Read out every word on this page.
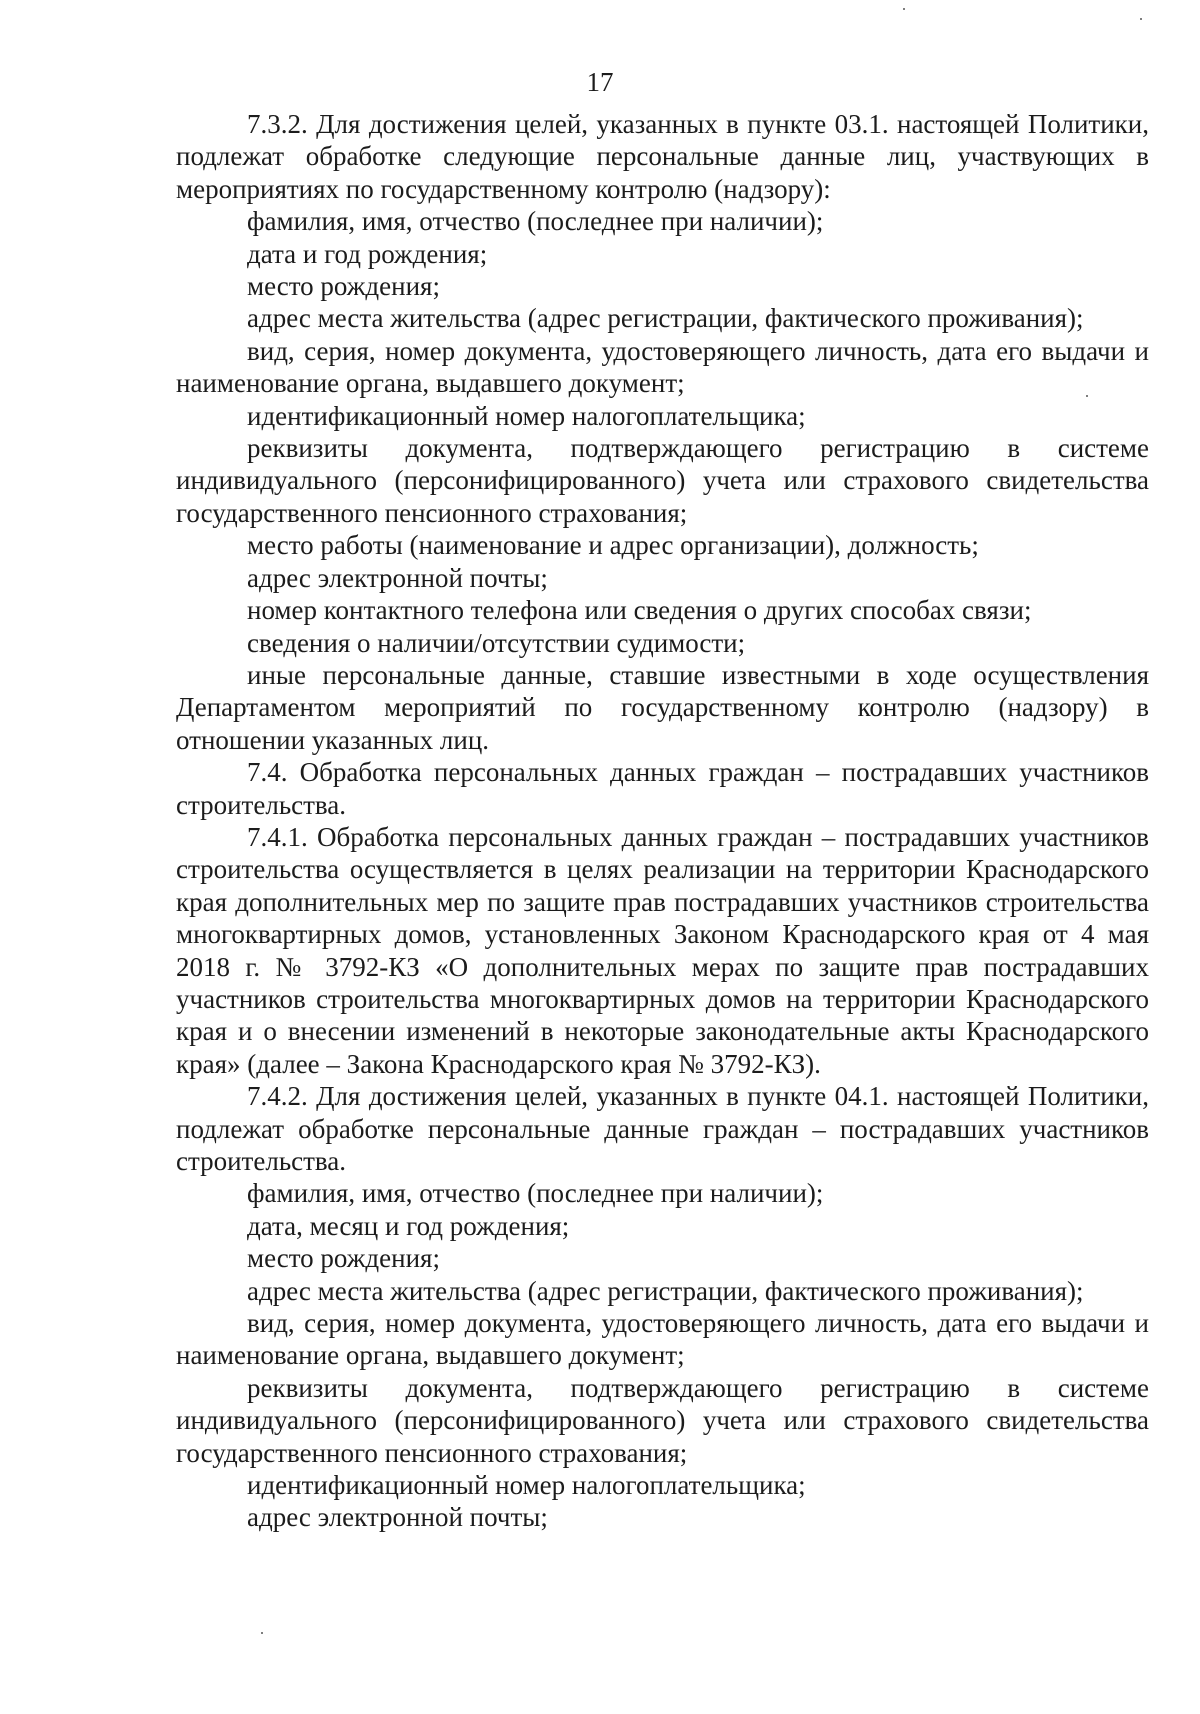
17

7.3.2. Для достижения целей, указанных в пункте 03.1. настоящей Политики, подлежат обработке следующие персональные данные лиц, участвующих в мероприятиях по государственному контролю (надзору):

фамилия, имя, отчество (последнее при наличии);

дата и год рождения;

место рождения;

адрес места жительства (адрес регистрации, фактического проживания);

вид, серия, номер документа, удостоверяющего личность, дата его выдачи и наименование органа, выдавшего документ;

идентификационный номер налогоплательщика;

реквизиты документа, подтверждающего регистрацию в системе индивидуального (персонифицированного) учета или страхового свидетельства государственного пенсионного страхования;

место работы (наименование и адрес организации), должность;

адрес электронной почты;

номер контактного телефона или сведения о других способах связи;

сведения о наличии/отсутствии судимости;

иные персональные данные, ставшие известными в ходе осуществления Департаментом мероприятий по государственному контролю (надзору) в отношении указанных лиц.

7.4. Обработка персональных данных граждан – пострадавших участников строительства.

7.4.1. Обработка персональных данных граждан – пострадавших участников строительства осуществляется в целях реализации на территории Краснодарского края дополнительных мер по защите прав пострадавших участников строительства многоквартирных домов, установленных Законом Краснодарского края от 4 мая 2018 г. № 3792-КЗ «О дополнительных мерах по защите прав пострадавших участников строительства многоквартирных домов на территории Краснодарского края и о внесении изменений в некоторые законодательные акты Краснодарского края» (далее – Закона Краснодарского края № 3792-КЗ).

7.4.2. Для достижения целей, указанных в пункте 04.1. настоящей Политики, подлежат обработке персональные данные граждан – пострадавших участников строительства.

фамилия, имя, отчество (последнее при наличии);

дата, месяц и год рождения;

место рождения;

адрес места жительства (адрес регистрации, фактического проживания);

вид, серия, номер документа, удостоверяющего личность, дата его выдачи и наименование органа, выдавшего документ;

реквизиты документа, подтверждающего регистрацию в системе индивидуального (персонифицированного) учета или страхового свидетельства государственного пенсионного страхования;

идентификационный номер налогоплательщика;

адрес электронной почты;
